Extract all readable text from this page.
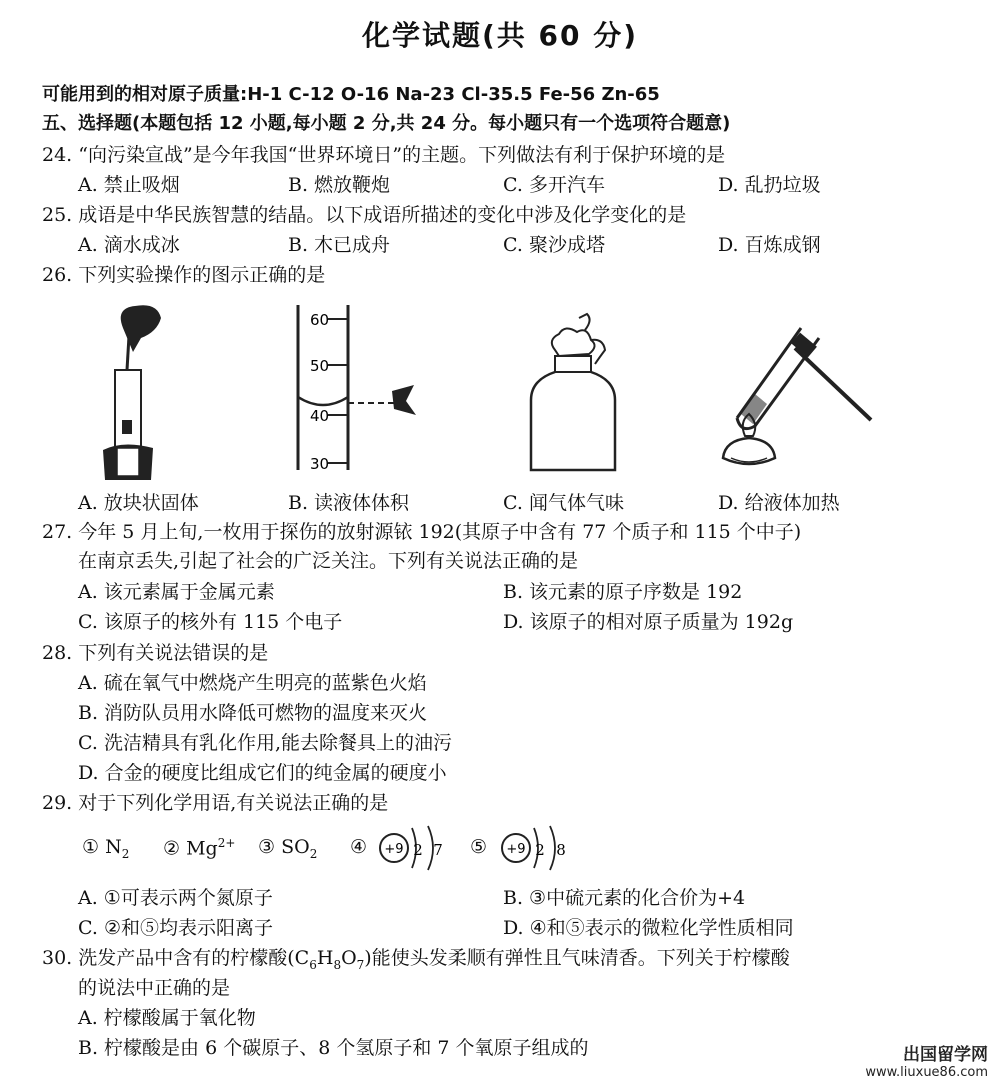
化学试题(共 60 分)
可能用到的相对原子质量:H-1 C-12 O-16 Na-23 Cl-35.5 Fe-56 Zn-65
五、选择题(本题包括 12 小题,每小题 2 分,共 24 分。每小题只有一个选项符合题意)
24. “向污染宣战”是今年我国“世界环境日”的主题。下列做法有利于保护环境的是
A. 禁止吸烟	B. 燃放鞭炮	C. 多开汽车	D. 乱扔垃圾
25. 成语是中华民族智慧的结晶。以下成语所描述的变化中涉及化学变化的是
A. 滴水成冰	B. 木已成舟	C. 聚沙成塔	D. 百炼成钢
26. 下列实验操作的图示正确的是
60
50
40
30
A. 放块状固体	B. 读液体体积	C. 闻气体气味	D. 给液体加热
27. 今年 5 月上旬,一枚用于探伤的放射源铱 192(其原子中含有 77 个质子和 115 个中子)
在南京丢失,引起了社会的广泛关注。下列有关说法正确的是
A. 该元素属于金属元素	B. 该元素的原子序数是 192
C. 该原子的核外有 115 个电子	D. 该原子的相对原子质量为 192g
28. 下列有关说法错误的是
A. 硫在氧气中燃烧产生明亮的蓝紫色火焰
B. 消防队员用水降低可燃物的温度来灭火
C. 洗洁精具有乳化作用,能去除餐具上的油污
D. 合金的硬度比组成它们的纯金属的硬度小
29. 对于下列化学用语,有关说法正确的是
① $N_2$ ② $Mg^{2+}$ ③ $SO_2$ ④ +9 2 7 ⑤ +9 2 8
A. ①可表示两个氮原子	B. ③中硫元素的化合价为+4
C. ②和⑤均表示阳离子	D. ④和⑤表示的微粒化学性质相同
30. 洗发产品中含有的柠檬酸$(C_6H_8O_7)$能使头发柔顺有弹性且气味清香。下列关于柠檬酸
的说法中正确的是
A. 柠檬酸属于氧化物
B. 柠檬酸是由 6 个碳原子、8 个氢原子和 7 个氧原子组成的	出国留学网
www.liuxue86.com
